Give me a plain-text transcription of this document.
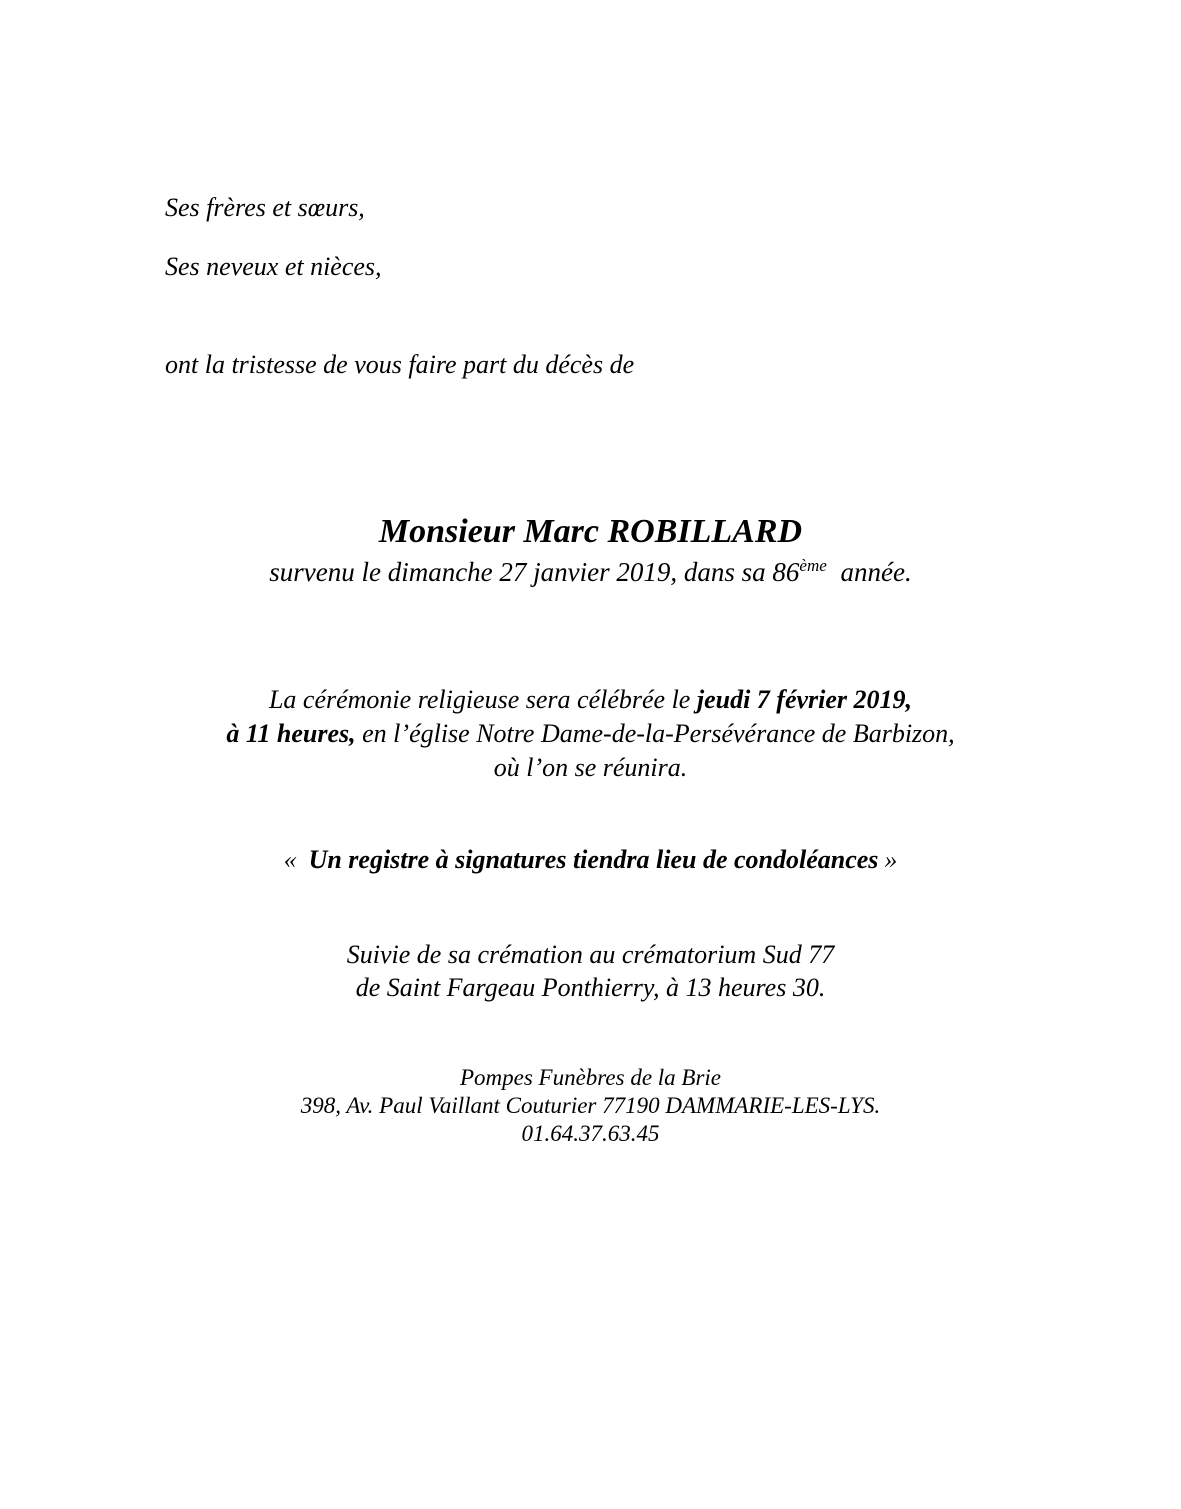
Ses frères et sœurs,

Ses neveux et nièces,

ont la tristesse de vous faire part du décès de

Monsieur Marc ROBILLARD

survenu le dimanche 27 janvier 2019, dans sa 86ème année.

La cérémonie religieuse sera célébrée le jeudi 7 février 2019,

à 11 heures, en l’église Notre Dame-de-la-Persévérance de Barbizon,

où l’on se réunira.

« Un registre à signatures tiendra lieu de condoléances »

Suivie de sa crémation au crématorium Sud 77

de Saint Fargeau Ponthierry, à 13 heures 30.

Pompes Funèbres de la Brie

398, Av. Paul Vaillant Couturier 77190 DAMMARIE-LES-LYS.

01.64.37.63.45
